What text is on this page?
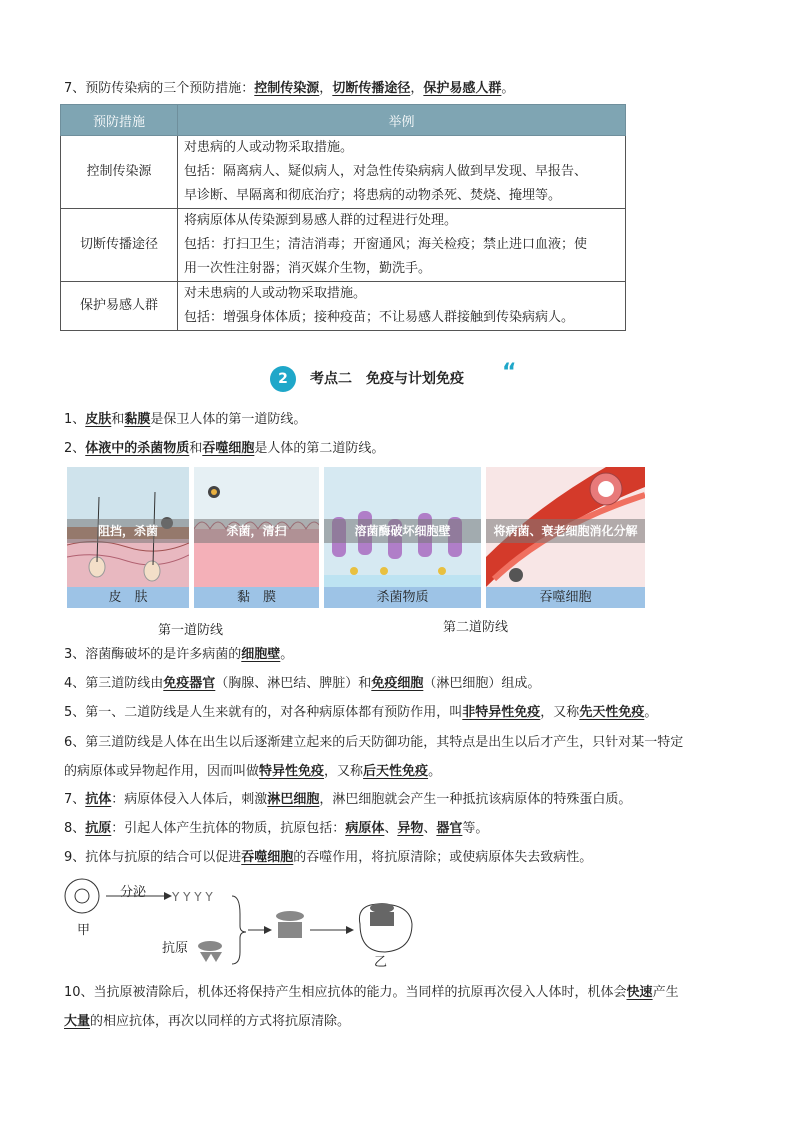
7、预防传染病的三个预防措施：控制传染源，切断传播途径，保护易感人群。
预防措施	举例
控制传染源	对患病的人或动物采取措施。
包括：隔离病人、疑似病人，对急性传染病病人做到早发现、早报告、
早诊断、早隔离和彻底治疗；将患病的动物杀死、焚烧、掩埋等。

切断传播途径	将病原体从传染源到易感人群的过程进行处理。
包括：打扫卫生；清洁消毒；开窗通风；海关检疫；禁止进口血液；使
用一次性注射器；消灭媒介生物，勤洗手。

保护易感人群	对未患病的人或动物采取措施。
包括：增强身体体质；接种疫苗；不让易感人群接触到传染病病人。
2	考点二　免疫与计划免疫 “
1、皮肤和黏膜是保卫人体的第一道防线。
2、体液中的杀菌物质和吞噬细胞是人体的第二道防线。
阻挡，杀菌
皮　肤
杀菌，清扫
黏　膜
溶菌酶破坏细胞壁
杀菌物质
将病菌、衰老细胞消化分解
吞噬细胞
第一道防线	第二道防线
3、溶菌酶破坏的是许多病菌的细胞壁。
4、第三道防线由免疫器官（胸腺、淋巴结、脾脏）和免疫细胞（淋巴细胞）组成。
5、第一、二道防线是人生来就有的，对各种病原体都有预防作用，叫非特异性免疫，又称先天性免疫。
6、第三道防线是人体在出生以后逐渐建立起来的后天防御功能，其特点是出生以后才产生，只针对某一特定
的病原体或异物起作用，因而叫做特异性免疫，又称后天性免疫。
7、抗体：病原体侵入人体后，刺激淋巴细胞，淋巴细胞就会产生一种抵抗该病原体的特殊蛋白质。
8、抗原：引起人体产生抗体的物质，抗原包括：病原体、异物、器官等。
9、抗体与抗原的结合可以促进吞噬细胞的吞噬作用，将抗原清除；或使病原体失去致病性。
Y Y Y Y
甲
分泌
抗原
乙
10、当抗原被清除后，机体还将保持产生相应抗体的能力。当同样的抗原再次侵入人体时，机体会快速产生
大量的相应抗体，再次以同样的方式将抗原清除。
